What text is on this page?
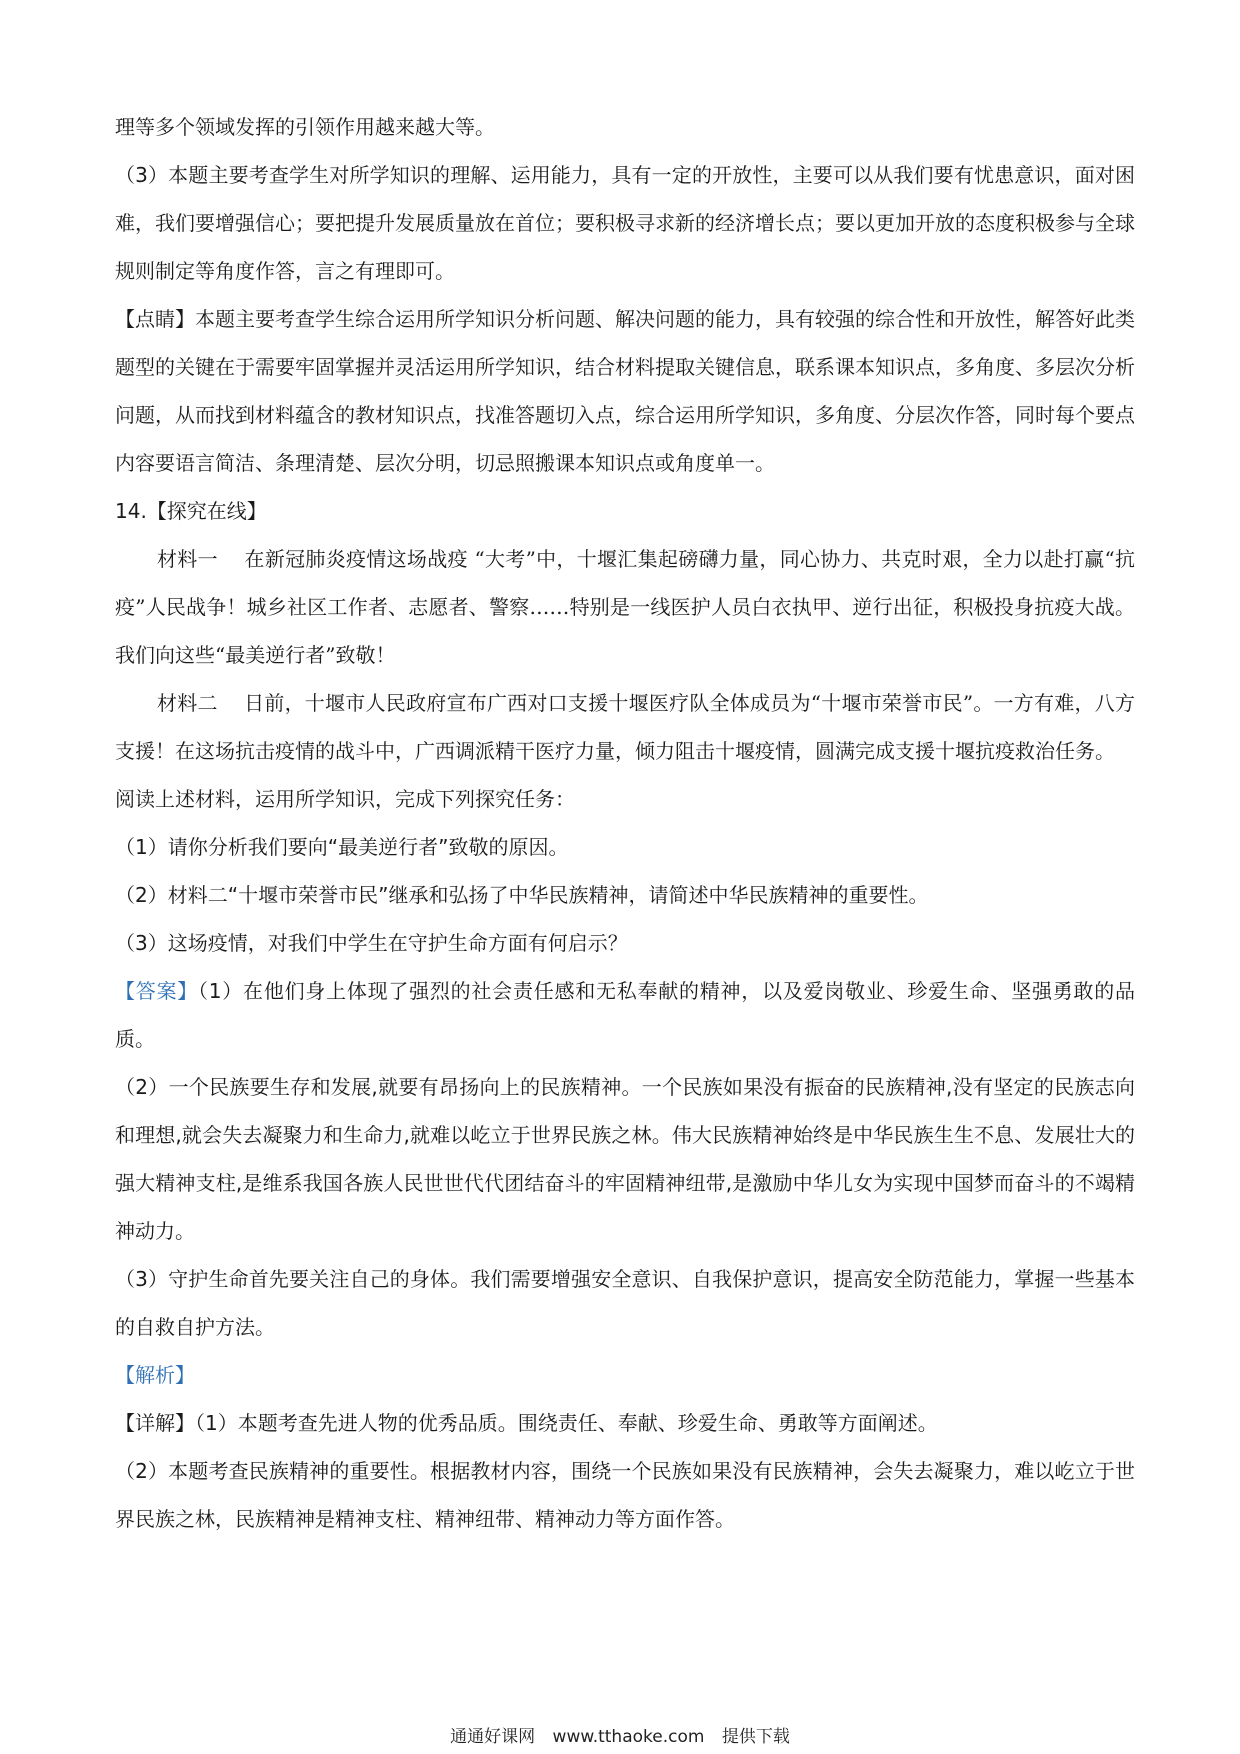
理等多个领域发挥的引领作用越来越大等。

（3）本题主要考查学生对所学知识的理解、运用能力，具有一定的开放性，主要可以从我们要有忧患意识，面对困难，我们要增强信心；要把提升发展质量放在首位；要积极寻求新的经济增长点；要以更加开放的态度积极参与全球规则制定等角度作答，言之有理即可。

【点睛】本题主要考查学生综合运用所学知识分析问题、解决问题的能力，具有较强的综合性和开放性，解答好此类题型的关键在于需要牢固掌握并灵活运用所学知识，结合材料提取关键信息，联系课本知识点，多角度、多层次分析问题，从而找到材料蕴含的教材知识点，找准答题切入点，综合运用所学知识，多角度、分层次作答，同时每个要点内容要语言简洁、条理清楚、层次分明，切忌照搬课本知识点或角度单一。

14.【探究在线】

材料一    在新冠肺炎疫情这场战疫 “大考”中，十堰汇集起磅礴力量，同心协力、共克时艰，全力以赴打赢“抗疫”人民战争！城乡社区工作者、志愿者、警察……特别是一线医护人员白衣执甲、逆行出征，积极投身抗疫大战。我们向这些“最美逆行者”致敬！

材料二    日前，十堰市人民政府宣布广西对口支援十堰医疗队全体成员为“十堰市荣誉市民”。一方有难，八方支援！在这场抗击疫情的战斗中，广西调派精干医疗力量，倾力阻击十堰疫情，圆满完成支援十堰抗疫救治任务。

阅读上述材料，运用所学知识，完成下列探究任务：

（1）请你分析我们要向“最美逆行者”致敬的原因。

（2）材料二“十堰市荣誉市民”继承和弘扬了中华民族精神，请简述中华民族精神的重要性。

（3）这场疫情，对我们中学生在守护生命方面有何启示？

【答案】（1）在他们身上体现了强烈的社会责任感和无私奉献的精神，以及爱岗敬业、珍爱生命、坚强勇敢的品质。

（2）一个民族要生存和发展,就要有昂扬向上的民族精神。一个民族如果没有振奋的民族精神,没有坚定的民族志向和理想,就会失去凝聚力和生命力,就难以屹立于世界民族之林。伟大民族精神始终是中华民族生生不息、发展壮大的强大精神支柱,是维系我国各族人民世世代代团结奋斗的牢固精神纽带,是激励中华儿女为实现中国梦而奋斗的不竭精神动力。

（3）守护生命首先要关注自己的身体。我们需要增强安全意识、自我保护意识，提高安全防范能力，掌握一些基本的自救自护方法。

【解析】

【详解】（1）本题考查先进人物的优秀品质。围绕责任、奉献、珍爱生命、勇敢等方面阐述。

（2）本题考查民族精神的重要性。根据教材内容，围绕一个民族如果没有民族精神，会失去凝聚力，难以屹立于世界民族之林，民族精神是精神支柱、精神纽带、精神动力等方面作答。

通通好课网 www.tthaoke.com 提供下载
